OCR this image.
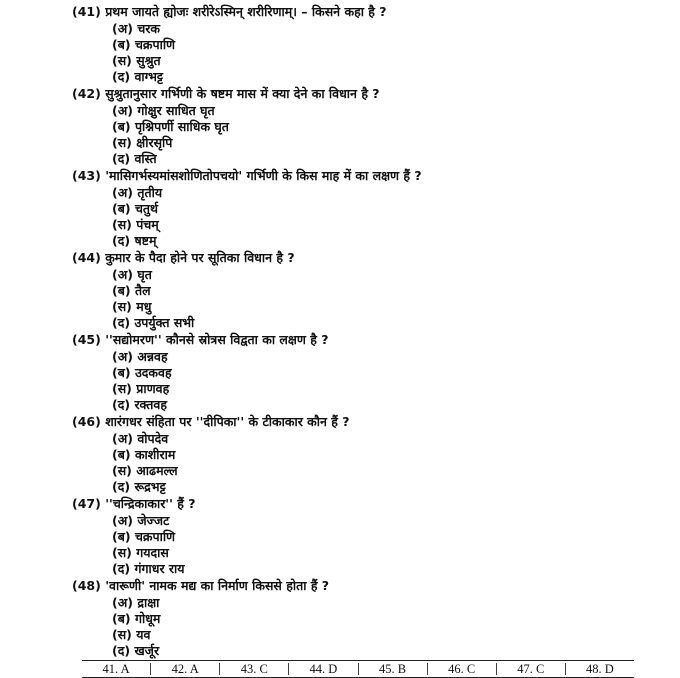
(41) प्रथम जायते ह्योजः शरीरेऽस्मिन् शरीरिणाम्। – किसने कहा है ?
(अ) चरक
(ब) चक्रपाणि
(स) सुश्रुत
(द) वाग्भट्ट
(42) सुश्रुतानुसार गर्भिणी के षष्टम मास में क्या देने का विधान है ?
(अ) गोक्षुर साधित घृत
(ब) पृश्निपर्णी साधिक घृत
(स) क्षीरसृपि
(द) वस्ति
(43) 'मासिगर्भस्यमांसशोणितोपचयो' गर्भिणी के किस माह में का लक्षण हैं ?
(अ) तृतीय
(ब) चतुर्थ
(स) पंचम्
(द) षष्टम्
(44) कुमार के पैदा होने पर सूतिका विधान है ?
(अ) घृत
(ब) तैल
(स) मधु
(द) उपर्युक्त सभी
(45) ''सद्योमरण'' कौनसे स्रोत्रस विद्वता का लक्षण है ?
(अ) अन्नवह
(ब) उदकवह
(स) प्राणवह
(द) रक्तवह
(46) शारंगधर संहिता पर ''दीपिका'' के टीकाकार कौन हैं ?
(अ) वोपदेव
(ब) काशीराम
(स) आढमल्ल
(द) रूद्रभट्ट
(47) ''चन्द्रिकाकार'' हैं ?
(अ) जेज्जट
(ब) चक्रपाणि
(स) गयदास
(द) गंगाधर राय
(48) 'वारूणी' नामक मद्य का निर्माण किससे होता हैं ?
(अ) द्राक्षा
(ब) गोधूम
(स) यव
(द) खर्जूर
41. A	42. A	43. C	44. D	45. B	46. C	47. C	48. D
